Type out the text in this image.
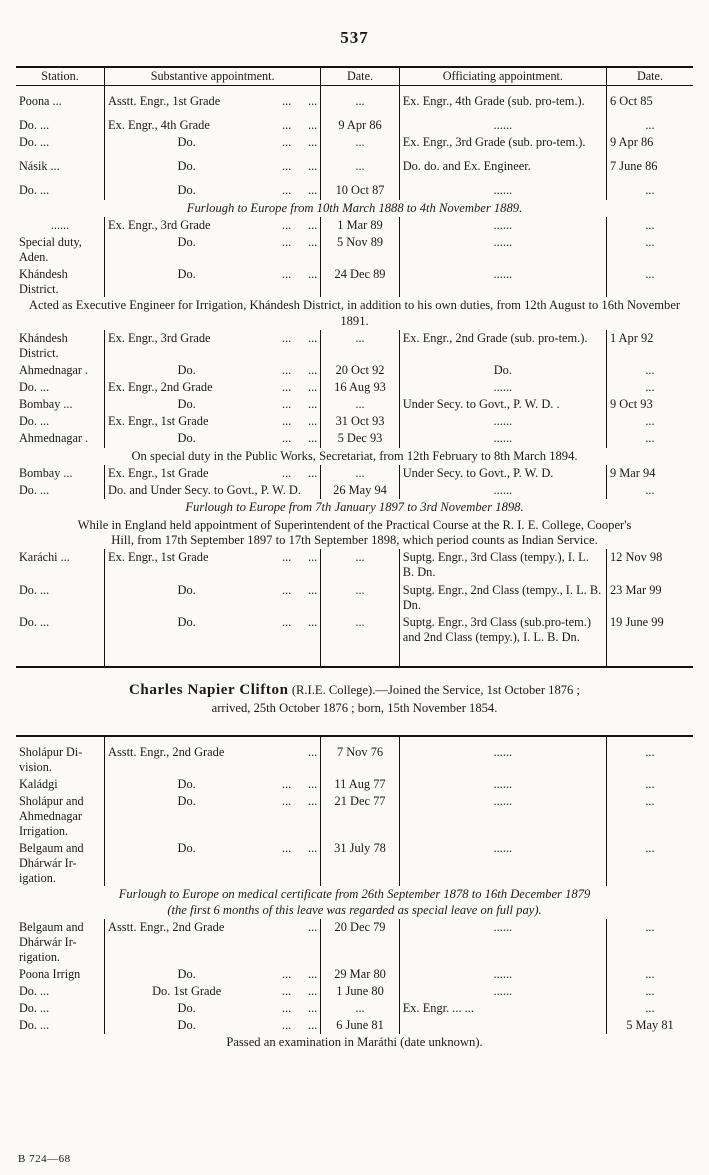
537
Station.	Substantive appointment.	Date.	Officiating appointment.	Date.

Poona ...	Asstt. Engr., 1st Grade ... ...	...	Ex. Engr., 4th Grade (sub. pro-tem.).	6 Oct 85

Do. ...	Ex. Engr., 4th Grade ... ...	9 Apr 86	......	...
Do. ...	Do. ... ...	...	Ex. Engr., 3rd Grade (sub. pro-tem.).	9 Apr 86

Násik ...	Do. ... ...	...	Do. do. and Ex. Engineer.	7 June 86

Do. ...	Do. ... ...	10 Oct 87	......	...
Furlough to Europe from 10th March 1888 to 4th November 1889.				
......	Ex. Engr., 3rd Grade ... ...	1 Mar 89	......	...
Special duty, Aden.	Do. ... ...	5 Nov 89	......	...
Khándesh District.	Do. ... ...	24 Dec 89	......	...
Acted as Executive Engineer for Irrigation, Khándesh District, in addition to his own duties, from 12th August to 16th November 1891.				
Khándesh District.	Ex. Engr., 3rd Grade ... ...	...	Ex. Engr., 2nd Grade (sub. pro-tem.).	1 Apr 92
Ahmednagar .	Do. ... ...	20 Oct 92	Do.	...
Do. ...	Ex. Engr., 2nd Grade ... ...	16 Aug 93	......	...
Bombay ...	Do. ... ...	...	Under Secy. to Govt., P. W. D. .	9 Oct 93
Do. ...	Ex. Engr., 1st Grade ... ...	31 Oct 93	......	...
Ahmednagar .	Do. ... ...	5 Dec 93	......	...
On special duty in the Public Works, Secretariat, from 12th February to 8th March 1894.				
Bombay ...	Ex. Engr., 1st Grade ... ...	...	Under Secy. to Govt., P. W. D.	9 Mar 94
Do. ...	Do. and Under Secy. to Govt., P. W. D.	26 May 94	......	...
Furlough to Europe from 7th January 1897 to 3rd November 1898.				
While in England held appointment of Superintendent of the Practical Course at the R. I. E. College, Cooper's Hill, from 17th September 1897 to 17th September 1898, which period counts as Indian Service.				
Karáchi ...	Ex. Engr., 1st Grade ... ...	...	Suptg. Engr., 3rd Class (tempy.), I. L. B. Dn.	12 Nov 98
Do. ...	Do. ... ...	...	Suptg. Engr., 2nd Class (tempy., I. L. B. Dn.	23 Mar 99
Do. ...	Do. ... ...	...	Suptg. Engr., 3rd Class (sub.pro-tem.) and 2nd Class (tempy.), I. L. B. Dn.	19 June 99

Charles Napier Clifton (R.I.E. College).—Joined the Service, 1st October 1876 ;
arrived, 25th October 1876 ; born, 15th November 1854.

Sholápur Di-vision.	Asstt. Engr., 2nd Grade ...	7 Nov 76	......	...
Kaládgi	Do. ... ...	11 Aug 77	......	...
Sholápur and Ahmednagar Irrigation.	Do. ... ...	21 Dec 77	......	...
Belgaum and Dhárwár Ir-igation.	Do. ... ...	31 July 78	......	...

Furlough to Europe on medical certificate from 26th September 1878 to 16th December 1879
(the first 6 months of this leave was regarded as special leave on full pay).				

Belgaum and Dhárwár Ir-rigation.	Asstt. Engr., 2nd Grade ...	20 Dec 79	......	...
Poona Irrign	Do. ... ...	29 Mar 80	......	...
Do. ...	Do. 1st Grade ... ...	1 June 80	......	...
Do. ...	Do. ... ...	...	Ex. Engr. ... ...	...
Do. ...	Do. ... ...	6 June 81		5 May 81
Passed an examination in Maráthi (date unknown).				
B 724—68
